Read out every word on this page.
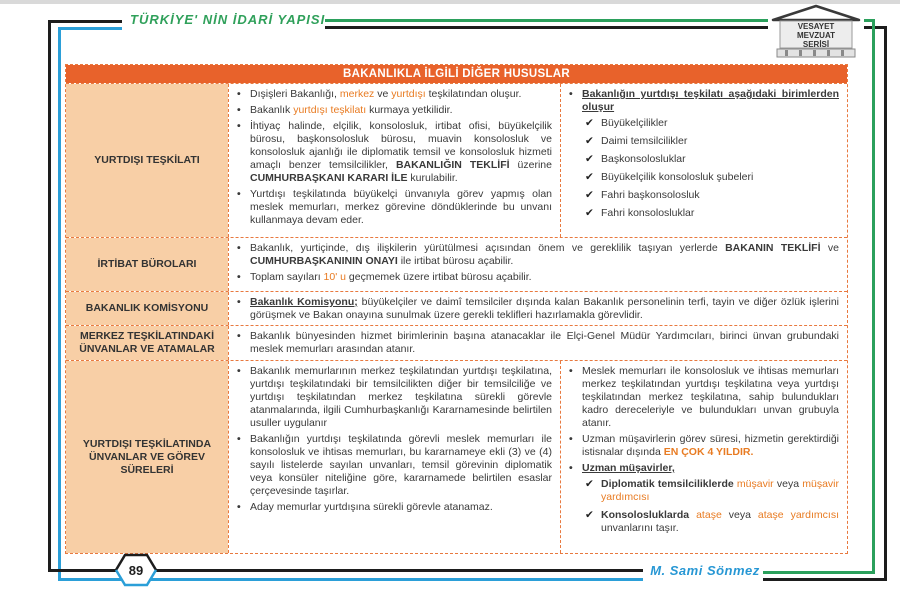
TÜRKİYE' NİN İDARİ YAPISI	VESAYET
MEVZUAT
SERİSİ
BAKANLIKLA İLGİLİ DİĞER HUSUSLAR
YURTDIŞI TEŞKİLATI
• Dışişleri Bakanlığı, merkez ve yurtdışı teşkilatından oluşur.
• Bakanlık yurtdışı teşkilatı kurmaya yetkilidir.
• İhtiyaç halinde, elçilik, konsolosluk, irtibat ofisi, büyükelçilik bürosu, başkonsolosluk bürosu, muavin konsolosluk ve konsolosluk ajanlığı ile diplomatik temsil ve konsolosluk hizmeti amaçlı benzer temsilcilikler, BAKANLIĞIN TEKLİFİ üzerine CUMHURBAŞKANI KARARI İLE kurulabilir.
• Yurtdışı teşkilatında büyükelçi ünvanıyla görev yapmış olan meslek memurları, merkez görevine döndüklerinde bu unvanı kullanmaya devam eder.
• Bakanlığın yurtdışı teşkilatı aşağıdaki birimlerden oluşur
✔ Büyükelçilikler
✔ Daimi temsilcilikler
✔ Başkonsolosluklar
✔ Büyükelçilik konsolosluk şubeleri
✔ Fahri başkonsolosluk
✔ Fahri konsolosluklar
İRTİBAT BÜROLARI
• Bakanlık, yurtiçinde, dış ilişkilerin yürütülmesi açısından önem ve gereklilik taşıyan yerlerde BAKANIN TEKLİFİ ve CUMHURBAŞKANININ ONAYI ile irtibat bürosu açabilir.
• Toplam sayıları 10' u geçmemek üzere irtibat bürosu açabilir.
BAKANLIK KOMİSYONU	• Bakanlık Komisyonu; büyükelçiler ve daimî temsilciler dışında kalan Bakanlık personelinin terfi, tayin ve diğer özlük işlerini görüşmek ve Bakan onayına sunulmak üzere gerekli teklifleri hazırlamakla görevlidir.
MERKEZ TEŞKİLATINDAKİ ÜNVANLAR VE ATAMALAR
• Bakanlık bünyesinden hizmet birimlerinin başına atanacaklar ile Elçi-Genel Müdür Yardımcıları, birinci ünvan grubundaki meslek memurları arasından atanır.
YURTDIŞI TEŞKİLATINDA ÜNVANLAR VE GÖREV SÜRELERİ
• Bakanlık memurlarının merkez teşkilatından yurtdışı teşkilatına, yurtdışı teşkilatındaki bir temsilcilikten diğer bir temsilciliğe ve yurtdışı teşkilatından merkez teşkilatına sürekli görevle atanmalarında, ilgili Cumhurbaşkanlığı Kararnamesinde belirtilen usuller uygulanır
• Bakanlığın yurtdışı teşkilatında görevli meslek memurları ile konsolosluk ve ihtisas memurları, bu kararnameye ekli (3) ve (4) sayılı listelerde sayılan unvanları, temsil görevinin diplomatik veya konsüler niteliğine göre, kararnamede belirtilen esaslar çerçevesinde taşırlar.
• Aday memurlar yurtdışına sürekli görevle atanamaz.
• Meslek memurları ile konsolosluk ve ihtisas memurları merkez teşkilatından yurtdışı teşkilatına veya yurtdışı teşkilatından merkez teşkilatına, sahip bulundukları kadro dereceleriyle ve bulundukları unvan grubuyla atanır.
• Uzman müşavirlerin görev süresi, hizmetin gerektirdiği istisnalar dışında EN ÇOK 4 YILDIR.
• Uzman müşavirler,
✔ Diplomatik temsilciliklerde müşavir veya müşavir yardımcısı
✔ Konsolosluklarda ataşe veya ataşe yardımcısı unvanlarını taşır.
89	M. Sami Sönmez
